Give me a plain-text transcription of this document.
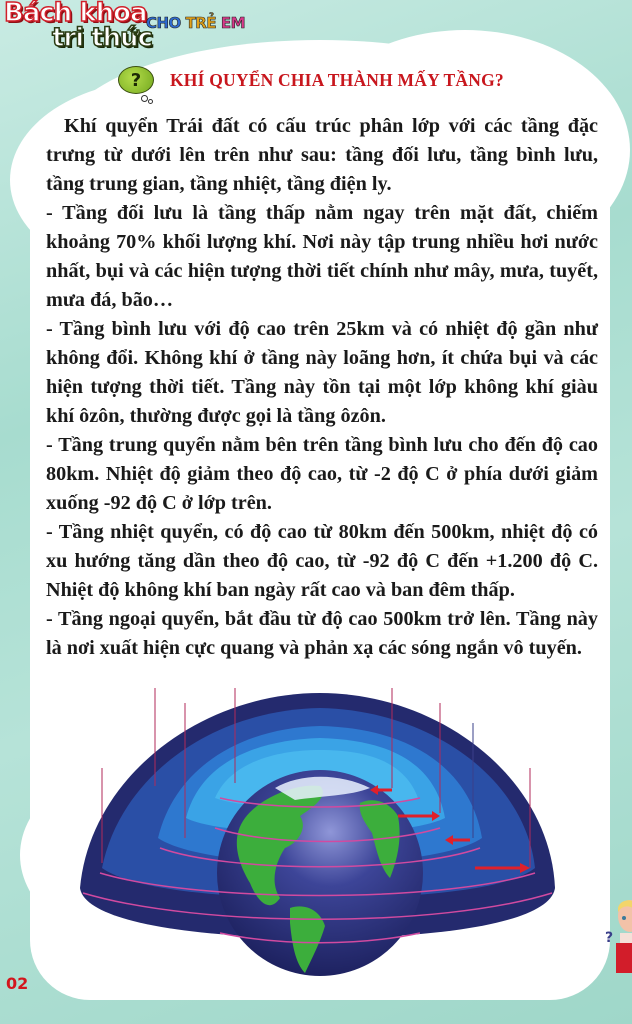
Bách khoa
tri thức
CHO TRẺ EM
? KHÍ QUYỂN CHIA THÀNH MẤY TẦNG?

Khí quyển Trái đất có cấu trúc phân lớp với các tầng đặc trưng từ dưới lên trên như sau: tầng đối lưu, tầng bình lưu, tầng trung gian, tầng nhiệt, tầng điện ly.

- Tầng đối lưu là tầng thấp nằm ngay trên mặt đất, chiếm khoảng 70% khối lượng khí. Nơi này tập trung nhiều hơi nước nhất, bụi và các hiện tượng thời tiết chính như mây, mưa, tuyết, mưa đá, bão…

- Tầng bình lưu với độ cao trên 25km và có nhiệt độ gần như không đổi. Không khí ở tầng này loãng hơn, ít chứa bụi và các hiện tượng thời tiết. Tầng này tồn tại một lớp không khí giàu khí ôzôn, thường được gọi là tầng ôzôn.

- Tầng trung quyển nằm bên trên tầng bình lưu cho đến độ cao 80km. Nhiệt độ giảm theo độ cao, từ -2 độ C ở phía dưới giảm xuống -92 độ C ở lớp trên.

- Tầng nhiệt quyển, có độ cao từ 80km đến 500km, nhiệt độ có xu hướng tăng dần theo độ cao, từ -92 độ C đến +1.200 độ C. Nhiệt độ không khí ban ngày rất cao và ban đêm thấp.

- Tầng ngoại quyển, bắt đầu từ độ cao 500km trở lên. Tầng này là nơi xuất hiện cực quang và phản xạ các sóng ngắn vô tuyến.

02
?
